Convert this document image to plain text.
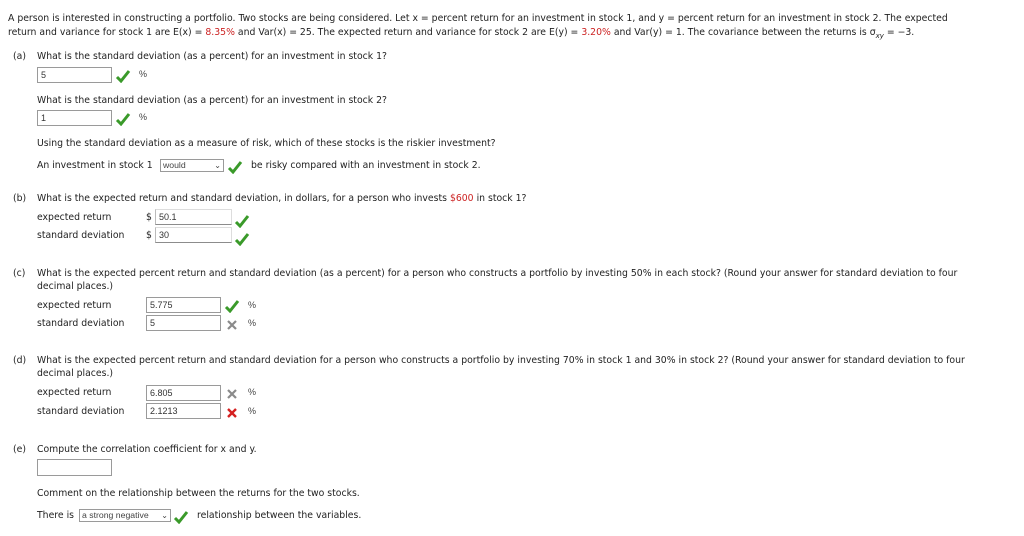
A person is interested in constructing a portfolio. Two stocks are being considered. Let x = percent return for an investment in stock 1, and y = percent return for an investment in stock 2. The expected
return and variance for stock 1 are E(x) = 8.35% and Var(x) = 25. The expected return and variance for stock 2 are E(y) = 3.20% and Var(y) = 1. The covariance between the returns is $\sigma_{xy} = -3$.
(a) What is the standard deviation (as a percent) for an investment in stock 1?
5	%
What is the standard deviation (as a percent) for an investment in stock 2?
1	%
Using the standard deviation as a measure of risk, which of these stocks is the riskier investment?
An investment in stock 1	would	⌄	be risky compared with an investment in stock 2.
(b) What is the expected return and standard deviation, in dollars, for a person who invests $600 in stock 1?
expected return	$ 50.1
standard deviation $ 30
(c) What is the expected percent return and standard deviation (as a percent) for a person who constructs a portfolio by investing 50% in each stock? (Round your answer for standard deviation to four
decimal places.)
expected return	5.775	%
standard deviation	5	%
(d) What is the expected percent return and standard deviation for a person who constructs a portfolio by investing 70% in stock 1 and 30% in stock 2? (Round your answer for standard deviation to four
decimal places.)
expected return	6.805	%
standard deviation	2.1213	%
(e) Compute the correlation coefficient for x and y.
Comment on the relationship between the returns for the two stocks.
There is a strong negative ⌄	relationship between the variables.
